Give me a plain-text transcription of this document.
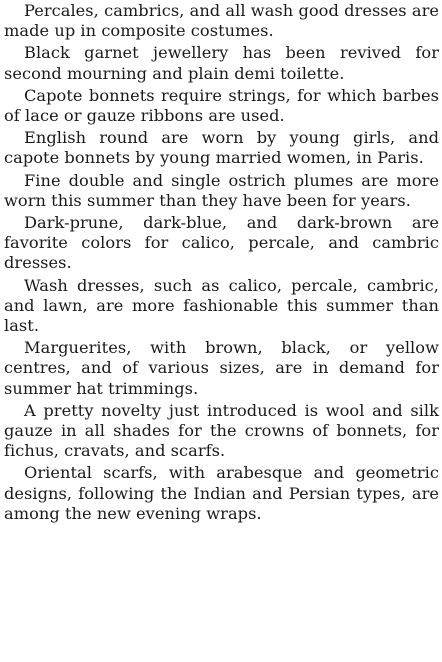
Percales, cambrics, and all wash good dresses are made up in composite costumes.

Black garnet jewellery has been revived for second mourning and plain demi toilette.

Capote bonnets require strings, for which barbes of lace or gauze ribbons are used.

English round are worn by young girls, and capote bonnets by young married women, in Paris.

Fine double and single ostrich plumes are more worn this summer than they have been for years.

Dark-prune, dark-blue, and dark-brown are favorite colors for calico, percale, and cambric dresses.

Wash dresses, such as calico, percale, cambric, and lawn, are more fashionable this summer than last.

Marguerites, with brown, black, or yellow centres, and of various sizes, are in demand for summer hat trimmings.

A pretty novelty just introduced is wool and silk gauze in all shades for the crowns of bonnets, for fichus, cravats, and scarfs.

Oriental scarfs, with arabesque and geometric designs, following the Indian and Persian types, are among the new evening wraps.
